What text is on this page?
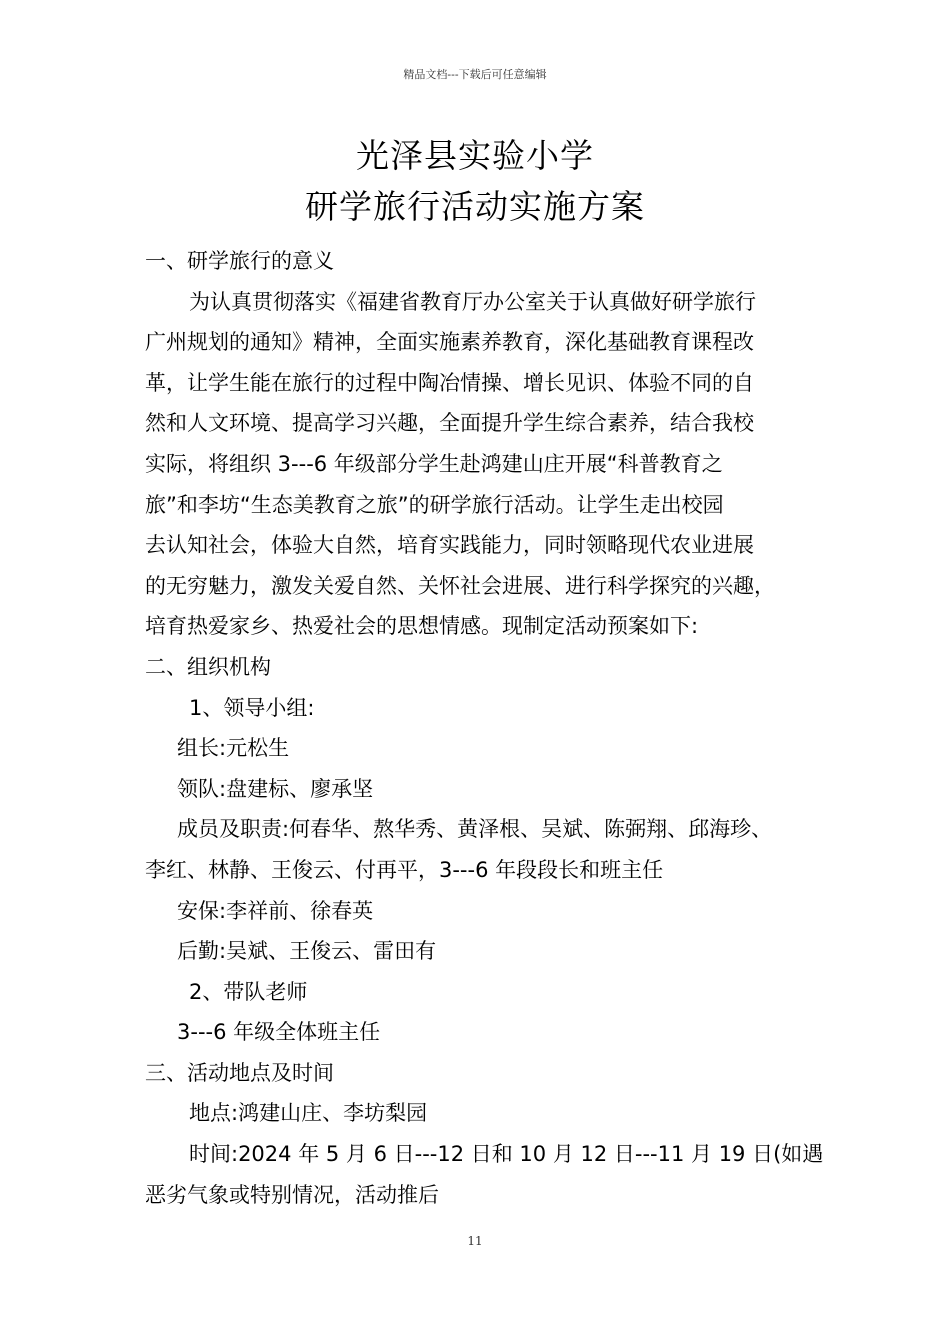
精品文档---下载后可任意编辑
光泽县实验小学
研学旅行活动实施方案
一、研学旅行的意义
为认真贯彻落实《福建省教育厅办公室关于认真做好研学旅行
广州规划的通知》精神，全面实施素养教育，深化基础教育课程改
革，让学生能在旅行的过程中陶冶情操、增长见识、体验不同的自
然和人文环境、提高学习兴趣，全面提升学生综合素养，结合我校
实际，将组织 3---6 年级部分学生赴鸿建山庄开展“科普教育之
旅”和李坊“生态美教育之旅”的研学旅行活动。让学生走出校园
去认知社会，体验大自然，培育实践能力，同时领略现代农业进展
的无穷魅力，激发关爱自然、关怀社会进展、进行科学探究的兴趣，
培育热爱家乡、热爱社会的思想情感。现制定活动预案如下:
二、组织机构
1、领导小组:
组长:元松生
领队:盘建标、廖承坚
成员及职责:何春华、熬华秀、黄泽根、吴斌、陈弼翔、邱海珍、
李红、林静、王俊云、付再平，3---6 年段段长和班主任
安保:李祥前、徐春英
后勤:吴斌、王俊云、雷田有
2、带队老师
3---6 年级全体班主任
三、活动地点及时间
地点:鸿建山庄、李坊梨园
时间:2024 年 5 月 6 日---12 日和 10 月 12 日---11 月 19 日(如遇
恶劣气象或特别情况，活动推后
11
